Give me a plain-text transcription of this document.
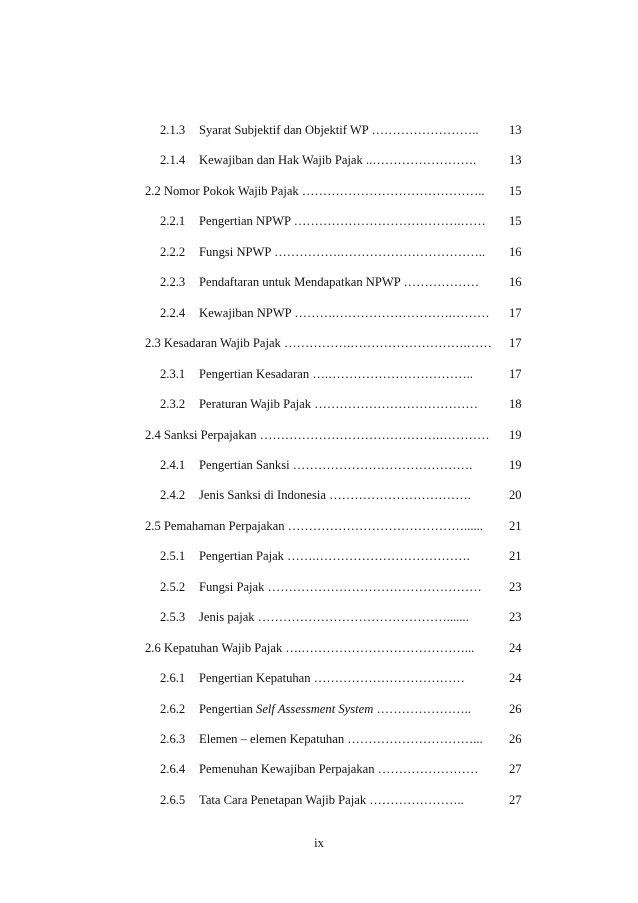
2.1.3 Syarat Subjektif dan Objektif WP …………………….. 13
2.1.4 Kewajiban dan Hak Wajib Pajak ..…………………….	13
2.2 Nomor Pokok Wajib Pajak …………………………………….. 15
2.2.1 Pengertian NPWP ………………………………….…… 15
2.2.2 Fungsi NPWP …………….…………………………….. 16
2.2.3 Pendaftaran untuk Mendapatkan NPWP ……………… 16
2.2.4 Kewajiban NPWP ……….……………………….……… 17
2.3 Kesadaran Wajib Pajak …………….……………………….…… 17
2.3.1 Pengertian Kesadaran ….……………………………..	17
2.3.2 Peraturan Wajib Pajak ………………………………… 18
2.4 Sanksi Perpajakan …………………………………….………… 19
2.4.1 Pengertian Sanksi …………………………………….	19
2.4.2 Jenis Sanksi di Indonesia …………………………….	20
2.5 Pemahaman Perpajakan ……………………………………...... 21
2.5.1 Pengertian Pajak …….……………………………….	21
2.5.2 Fungsi Pajak …………………………………………… 23
2.5.3 Jenis pajak ……………………………………….......	23
2.6 Kepatuhan Wajib Pajak ….…………………………………...	24
2.6.1 Pengertian Kepatuhan ………………………………	24
2.6.2 Pengertian Self Assessment System …………………..	26
2.6.3 Elemen – elemen Kepatuhan …………………………... 26
2.6.4 Pemenuhan Kewajiban Perpajakan …………………… 27
2.6.5 Tata Cara Penetapan Wajib Pajak …………………..	27
ix
